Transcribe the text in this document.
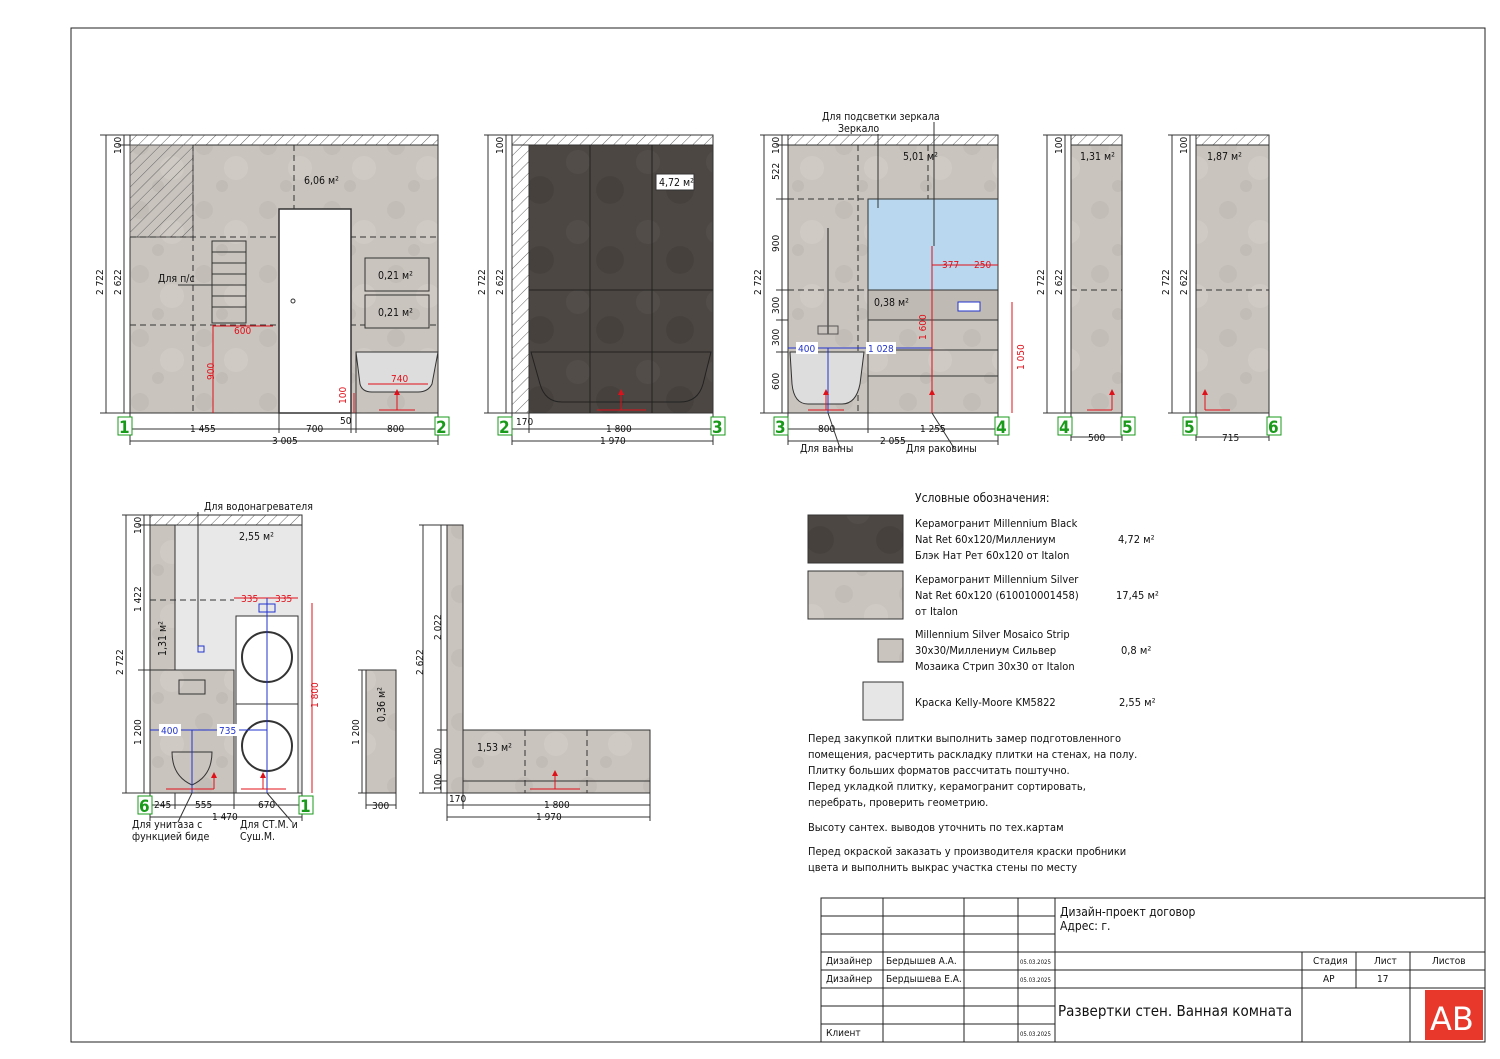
6,06 м²
0,21 м²
0,21 м²
Для п/с
900
600
740
100
100
2 722 2 622
1 455	700
50
800
3 005
1	2
4,72 м²
100
2 722 2 622
170
1 800
1 970
2	3
377 250
1 600
1 050
400	1 028
5,01 м²
0,38 м²
Для подсветки зеркала
Зеркало
100
522
900
300
300
600
2 722
800	1 255
2 055
Для ванны	Для раковины
3	4
1,31 м²
100
2 722 2 622
500
4	5
1,87 м²
100
2 722 2 622
715
5	6
Для водонагревателя
2,55 м²
1,31 м²
335 335
1 800
400	735
100
1 422
2 722
1 200
245 555	670
1 470
Для унитаза с
функцией биде
Для СТ.М. и
Суш.М.
6	1
0,36 м²
1 200
300
1,53 м²
2 022
2 622
500
100
170
1 800
1 970
Условные обозначения:
Керамогранит Millennium Black
Nat Ret 60x120/Миллениум
Блэк Нат Рет 60x120 от Italon
4,72 м²
Керамогранит Millennium Silver
Nat Ret 60x120 (610010001458)
от Italon
17,45 м²
Millennium Silver Mosaico Strip
30x30/Миллениум Сильвер
Мозаика Стрип 30x30 от Italon
0,8 м²
Краска Kelly-Moore KM5822	2,55 м²
Перед закупкой плитки выполнить замер подготовленного
помещения, расчертить раскладку плитки на стенах, на полу.
Плитку больших форматов рассчитать поштучно.
Перед укладкой плитку, керамогранит сортировать,
перебрать, проверить геометрию.
Высоту сантех. выводов уточнить по тех.картам
Перед окраской заказать у производителя краски пробники
цвета и выполнить выкрас участка стены по месту
Дизайн-проект договор
Адрес: г.
Дизайнер Бердышев А.А.	05.03.2025
Дизайнер Бердышева Е.А.	05.03.2025
Клиент	05.03.2025
Стадия	Лист	Листов
АР	17
Развертки стен. Ванная комната	АВ
